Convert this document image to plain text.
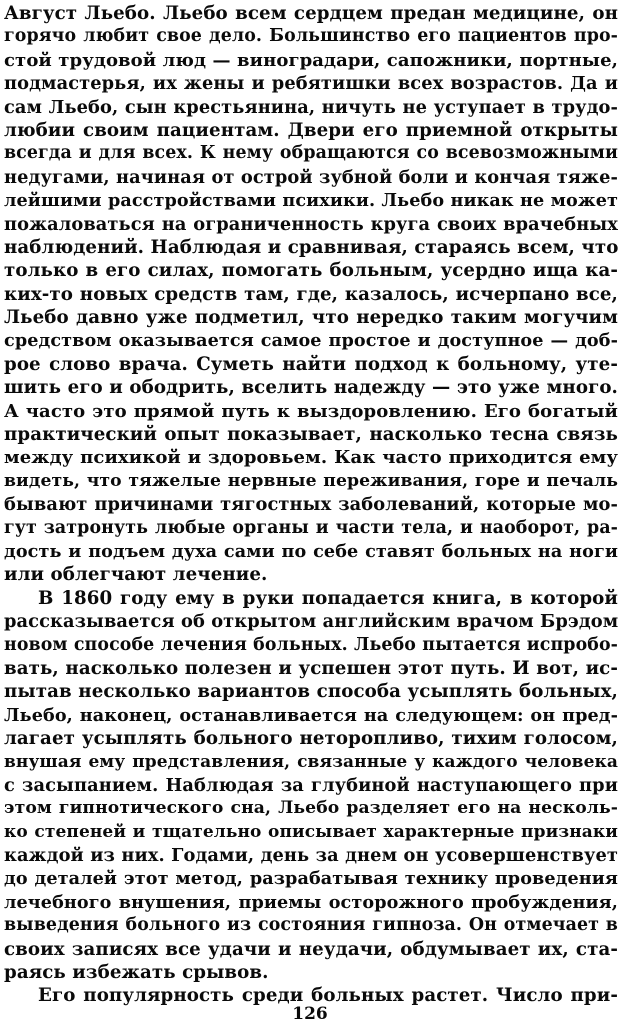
Август Льебо. Льебо всем сердцем предан медицине, он
горячо любит свое дело. Большинство его пациентов про-
стой трудовой люд — виноградари, сапожники, портные,
подмастерья, их жены и ребятишки всех возрастов. Да и
сам Льебо, сын крестьянина, ничуть не уступает в трудо-
любии своим пациентам. Двери его приемной открыты
всегда и для всех. К нему обращаются со всевозможными
недугами, начиная от острой зубной боли и кончая тяже-
лейшими расстройствами психики. Льебо никак не может
пожаловаться на ограниченность круга своих врачебных
наблюдений. Наблюдая и сравнивая, стараясь всем, что
только в его силах, помогать больным, усердно ища ка-
ких-то новых средств там, где, казалось, исчерпано все,
Льебо давно уже подметил, что нередко таким могучим
средством оказывается самое простое и доступное — доб-
рое слово врача. Суметь найти подход к больному, уте-
шить его и ободрить, вселить надежду — это уже много.
А часто это прямой путь к выздоровлению. Его богатый
практический опыт показывает, насколько тесна связь
между психикой и здоровьем. Как часто приходится ему
видеть, что тяжелые нервные переживания, горе и печаль
бывают причинами тягостных заболеваний, которые мо-
гут затронуть любые органы и части тела, и наоборот, ра-
дость и подъем духа сами по себе ставят больных на ноги
или облегчают лечение.
В 1860 году ему в руки попадается книга, в которой
рассказывается об открытом английским врачом Брэдом
новом способе лечения больных. Льебо пытается испробо-
вать, насколько полезен и успешен этот путь. И вот, ис-
пытав несколько вариантов способа усыплять больных,
Льебо, наконец, останавливается на следующем: он пред-
лагает усыплять больного неторопливо, тихим голосом,
внушая ему представления, связанные у каждого человека
с засыпанием. Наблюдая за глубиной наступающего при
этом гипнотического сна, Льебо разделяет его на несколь-
ко степеней и тщательно описывает характерные признаки
каждой из них. Годами, день за днем он усовершенствует
до деталей этот метод, разрабатывая технику проведения
лечебного внушения, приемы осторожного пробуждения,
выведения больного из состояния гипноза. Он отмечает в
своих записях все удачи и неудачи, обдумывает их, ста-
раясь избежать срывов.
Его популярность среди больных растет. Число при-
126
